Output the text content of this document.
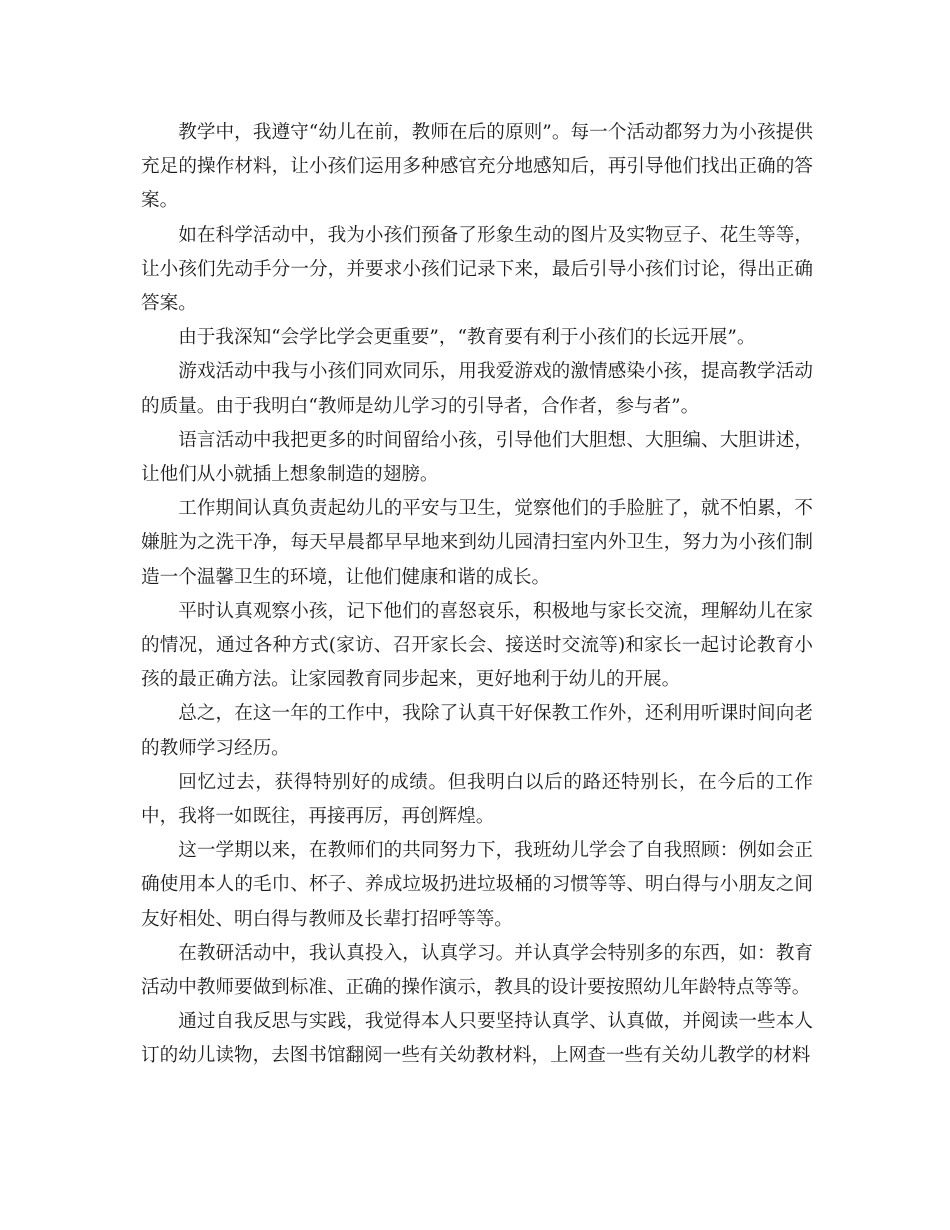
教学中，我遵守“幼儿在前，教师在后的原则”。每一个活动都努力为小孩提供充足的操作材料，让小孩们运用多种感官充分地感知后，再引导他们找出正确的答案。

如在科学活动中，我为小孩们预备了形象生动的图片及实物豆子、花生等等，让小孩们先动手分一分，并要求小孩们记录下来，最后引导小孩们讨论，得出正确答案。

由于我深知“会学比学会更重要”，“教育要有利于小孩们的长远开展”。

游戏活动中我与小孩们同欢同乐，用我爱游戏的激情感染小孩，提高教学活动的质量。由于我明白“教师是幼儿学习的引导者，合作者，参与者”。

语言活动中我把更多的时间留给小孩，引导他们大胆想、大胆编、大胆讲述，让他们从小就插上想象制造的翅膀。

工作期间认真负责起幼儿的平安与卫生，觉察他们的手脸脏了，就不怕累，不嫌脏为之洗干净，每天早晨都早早地来到幼儿园清扫室内外卫生，努力为小孩们制造一个温馨卫生的环境，让他们健康和谐的成长。

平时认真观察小孩，记下他们的喜怒哀乐，积极地与家长交流，理解幼儿在家的情况，通过各种方式(家访、召开家长会、接送时交流等)和家长一起讨论教育小孩的最正确方法。让家园教育同步起来，更好地利于幼儿的开展。

总之，在这一年的工作中，我除了认真干好保教工作外，还利用听课时间向老的教师学习经历。

回忆过去，获得特别好的成绩。但我明白以后的路还特别长，在今后的工作中，我将一如既往，再接再厉，再创辉煌。

这一学期以来，在教师们的共同努力下，我班幼儿学会了自我照顾：例如会正确使用本人的毛巾、杯子、养成垃圾扔进垃圾桶的习惯等等、明白得与小朋友之间友好相处、明白得与教师及长辈打招呼等等。

在教研活动中，我认真投入，认真学习。并认真学会特别多的东西，如：教育活动中教师要做到标准、正确的操作演示，教具的设计要按照幼儿年龄特点等等。

通过自我反思与实践，我觉得本人只要坚持认真学、认真做，并阅读一些本人订的幼儿读物，去图书馆翻阅一些有关幼教材料，上网查一些有关幼儿教学的材料
